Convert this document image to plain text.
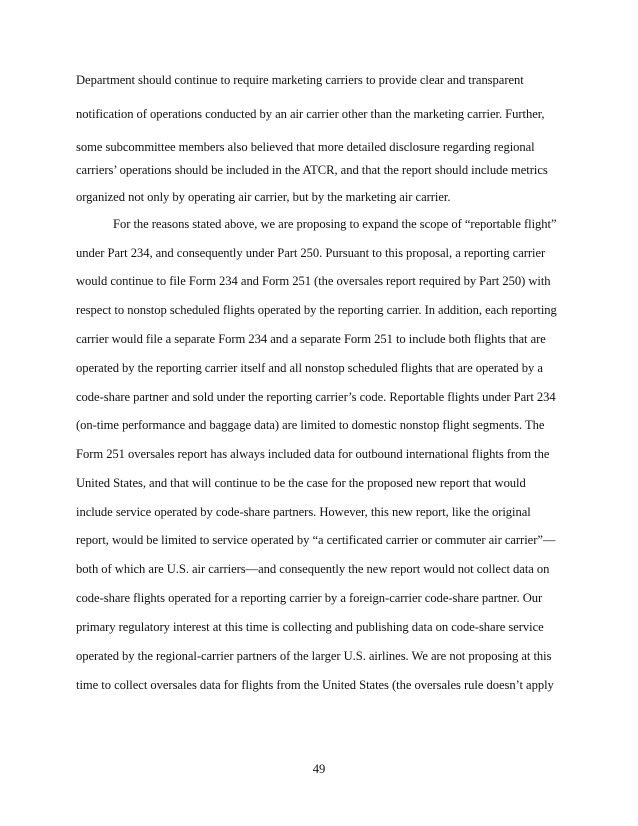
Department should continue to require marketing carriers to provide clear and transparent
notification of operations conducted by an air carrier other than the marketing carrier. Further,
some subcommittee members also believed that more detailed disclosure regarding regional
carriers’ operations should be included in the ATCR, and that the report should include metrics
organized not only by operating air carrier, but by the marketing air carrier.
For the reasons stated above, we are proposing to expand the scope of “reportable flight”
under Part 234, and consequently under Part 250. Pursuant to this proposal, a reporting carrier
would continue to file Form 234 and Form 251 (the oversales report required by Part 250) with
respect to nonstop scheduled flights operated by the reporting carrier. In addition, each reporting
carrier would file a separate Form 234 and a separate Form 251 to include both flights that are
operated by the reporting carrier itself and all nonstop scheduled flights that are operated by a
code-share partner and sold under the reporting carrier’s code. Reportable flights under Part 234
(on-time performance and baggage data) are limited to domestic nonstop flight segments. The
Form 251 oversales report has always included data for outbound international flights from the
United States, and that will continue to be the case for the proposed new report that would
include service operated by code-share partners. However, this new report, like the original
report, would be limited to service operated by “a certificated carrier or commuter air carrier”—
both of which are U.S. air carriers—and consequently the new report would not collect data on
code-share flights operated for a reporting carrier by a foreign-carrier code-share partner. Our
primary regulatory interest at this time is collecting and publishing data on code-share service
operated by the regional-carrier partners of the larger U.S. airlines. We are not proposing at this
time to collect oversales data for flights from the United States (the oversales rule doesn’t apply
49
